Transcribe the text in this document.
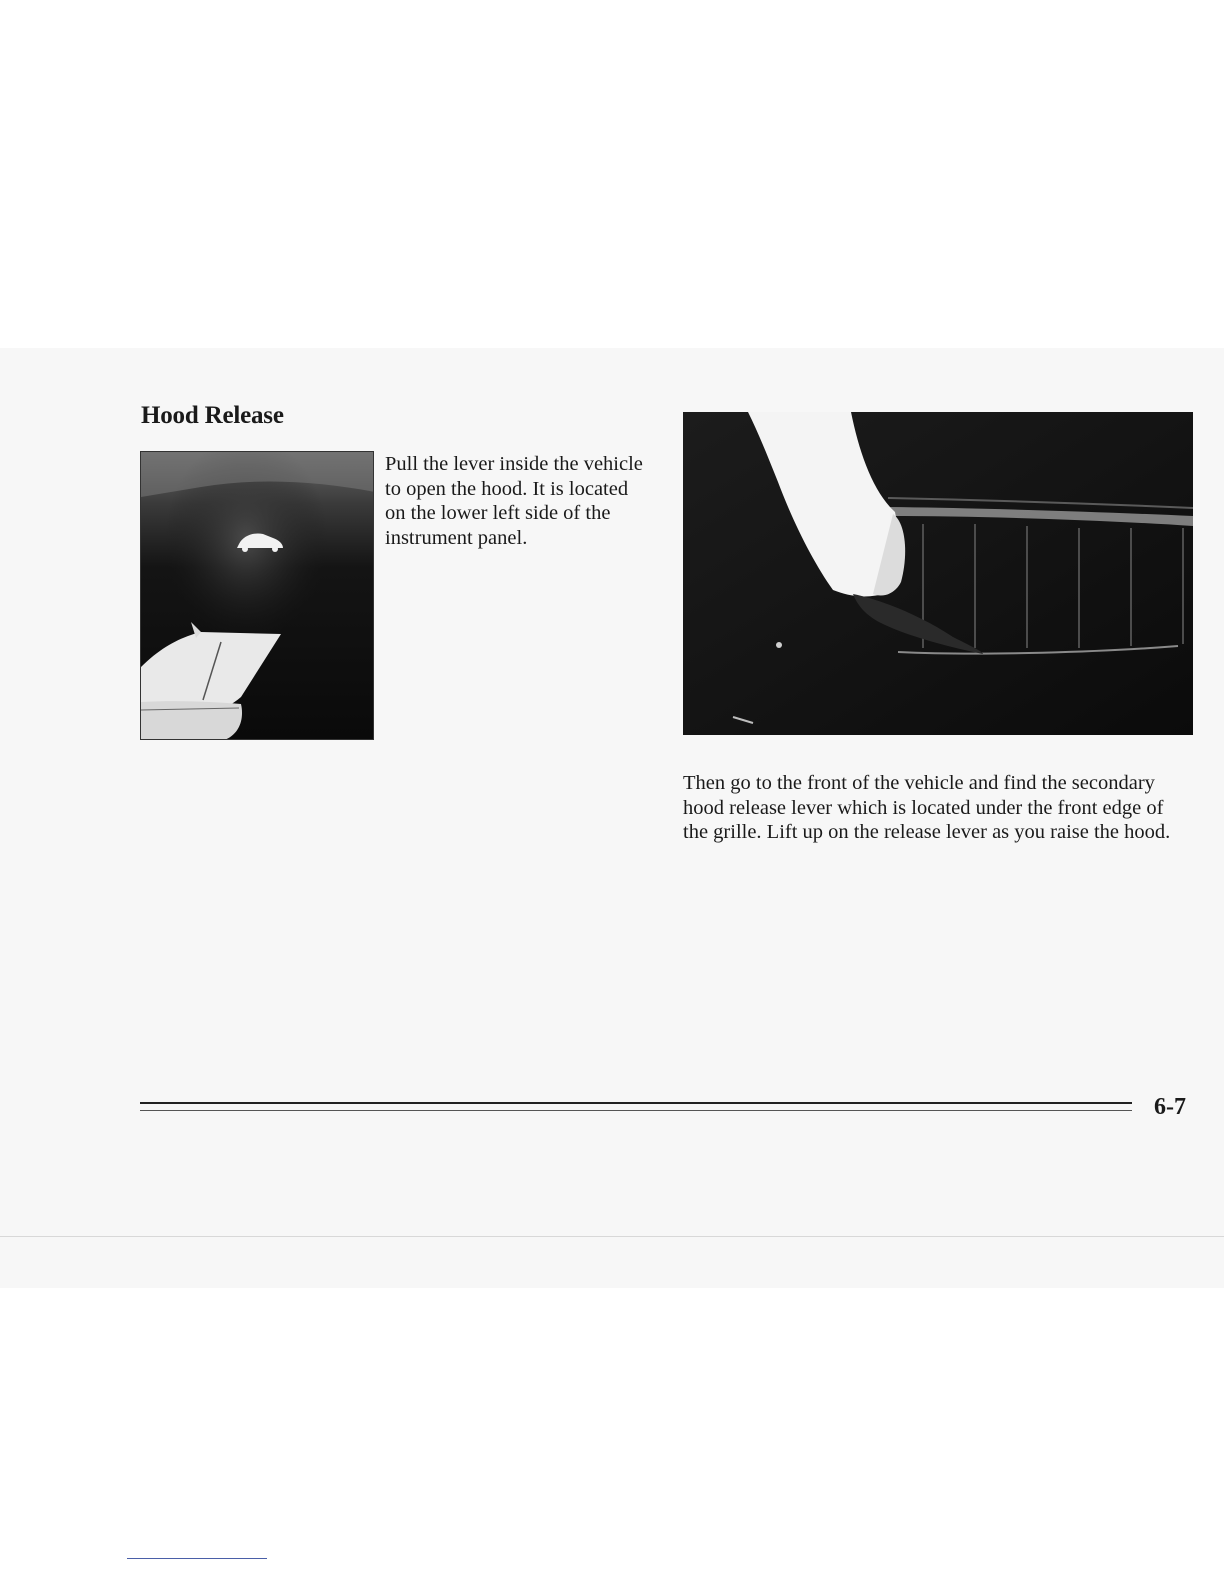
Hood Release
Pull the lever inside the vehicle to open the hood. It is located on the lower left side of the instrument panel.
Then go to the front of the vehicle and find the secondary hood release lever which is located under the front edge of the grille. Lift up on the release lever as you raise the hood.
6-7
